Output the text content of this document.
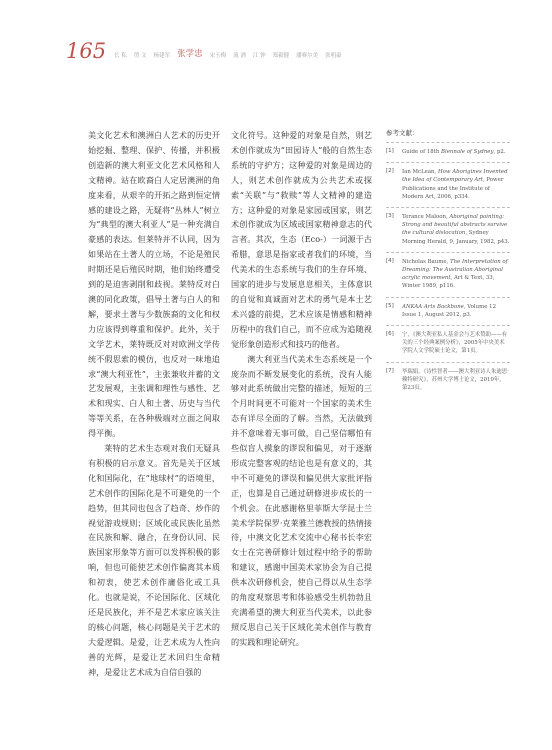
165 长 私 剪 文 杨建军 张学忠 宋玉梅 流 洒 江 钟 郑毅健 潘赛尔美 张明豪

美文化艺术和澳洲白人艺术的历史开始挖掘、整理、保护、传播，并积极创造新的澳大利亚文化艺术风格和人文精神。站在欧裔白人定居澳洲的角度来看，从艰辛的开拓之路到恒定情感的建设之路，无疑将“丛林人”树立为“典型的澳大利亚人”是一种充满自豪感的表达。但莱特并不认同，因为如果站在土著人的立场，不论是殖民时期还是后殖民时期，他们始终遭受到的是迫害剥削和歧视。莱特反对白澳的同化政策，倡导土著与白人的和解，要求土著与少数族裔的文化和权力应该得到尊重和保护。此外，关于文学艺术，莱特既反对对欧洲文学传统不假思索的模仿，也反对一味地追求“澳大利亚性”，主张兼收并蓄的文艺发展观，主张调和理性与感性、艺术和现实、白人和土著、历史与当代等等关系，在各种极端对立面之间取得平衡。

莱特的艺术生态观对我们无疑具有积极的启示意义。首先是关于区域化和国际化，在“地球村”的语境里，艺术创作的国际化是不可避免的一个趋势，但其同也包含了趋奇、炒作的视觉游戏规则；区域化或民族化虽然在民族和解、融合，在身份认同、民族国家形象等方面可以发挥积极的影响，但也可能使艺术创作偏离其本质和初衷，使艺术创作庸俗化或工具化。也就是说，不论国际化、区域化还是民族化，并不是艺术家应该关注的核心问题，核心问题是关于艺术的大爱逻辑。是爱，让艺术成为人性向善的光辉，是爱让艺术回归生命精神，是爱让艺术成为自信自强的

文化符号。这种爱的对象是自然，则艺术创作就成为“田园诗人”般的自然生态系统的守护方；这种爱的对象是周边的人，则艺术创作就成为公共艺术或探索“关联”与“救赎”等人文精神的建造方；这种爱的对象是家园或国家，则艺术创作就成为区域或国家精神意志的代言者。其次，生态（Eco-）一词源于古希腊，意思是指家或者我们的环境，当代美术的生态系统与我们的生存环境、国家的进步与发展息息相关，主体意识的自觉和真诚面对艺术的勇气是本土艺术兴盛的前提，艺术应该是情感和精神历程中的我们自己，而不应成为追随视觉形象创造形式和技巧的他者。

澳大利亚当代美术生态系统是一个庞杂而不断发展变化的系统，没有人能够对此系统做出完整的描述，短短的三个月时间更不可能对一个国家的美术生态有详尽全面的了解。当然，无法做到并不意味着无事可做，自己坚信哪怕有些似盲人摸象的谬误和偏见，对于逐渐形成完整客观的结论也是有意义的，其中不可避免的谬误和偏见供大家批评指正，也算是自己通过研修进步成长的一个机会。在此感谢格里菲斯大学昆士兰美术学院保罗·克莱雅兰德教授的热情接待，中澳文化艺术交流中心秘书长李宏女士在完善研修计划过程中给予的帮助和建议，感谢中国美术家协会为自己提供本次研修机会，使自己得以从生态学的角度观察思考和体验感受生机勃勃且充满希望的澳大利亚当代美术，以此参照反思自己关于区域化美术创作与教育的实践和理论研究。

参考文献：
[1]	Guide of 18th Biennale of Sydney, p2.
[2]	Ian McLean, How Aborigines Invented the Idea of Contemporary Art, Power Publications and the Institute of Modern Art, 2006, p334.
[3]	Terance Maloon, Aboriginal painting: Strong and beautiful abstracts survive the cultural dislocation, Sydney Morning Herald, 9, January, 1982, p43.
[4]	Nicholas Baume, The Interpretation of Dreaming: The Australian Aboriginal acrylic movement, Art & Text, 33, Winter 1989, p116.
[5]	ANKAA Arts Backbone, Volume 12 Issue 1, August 2012, p3.
[6]	宁，《澳大利亚私人基金会与艺术赞助——有关的三个经典案例分析》，2005年中央美术学院人文学院硕士论文，第1页。
[7]	毕瑞娟，《诗性智者——澳大利亚诗人朱迪思·赖特研究》，苏州大学博士论文，2010年，第23页。
